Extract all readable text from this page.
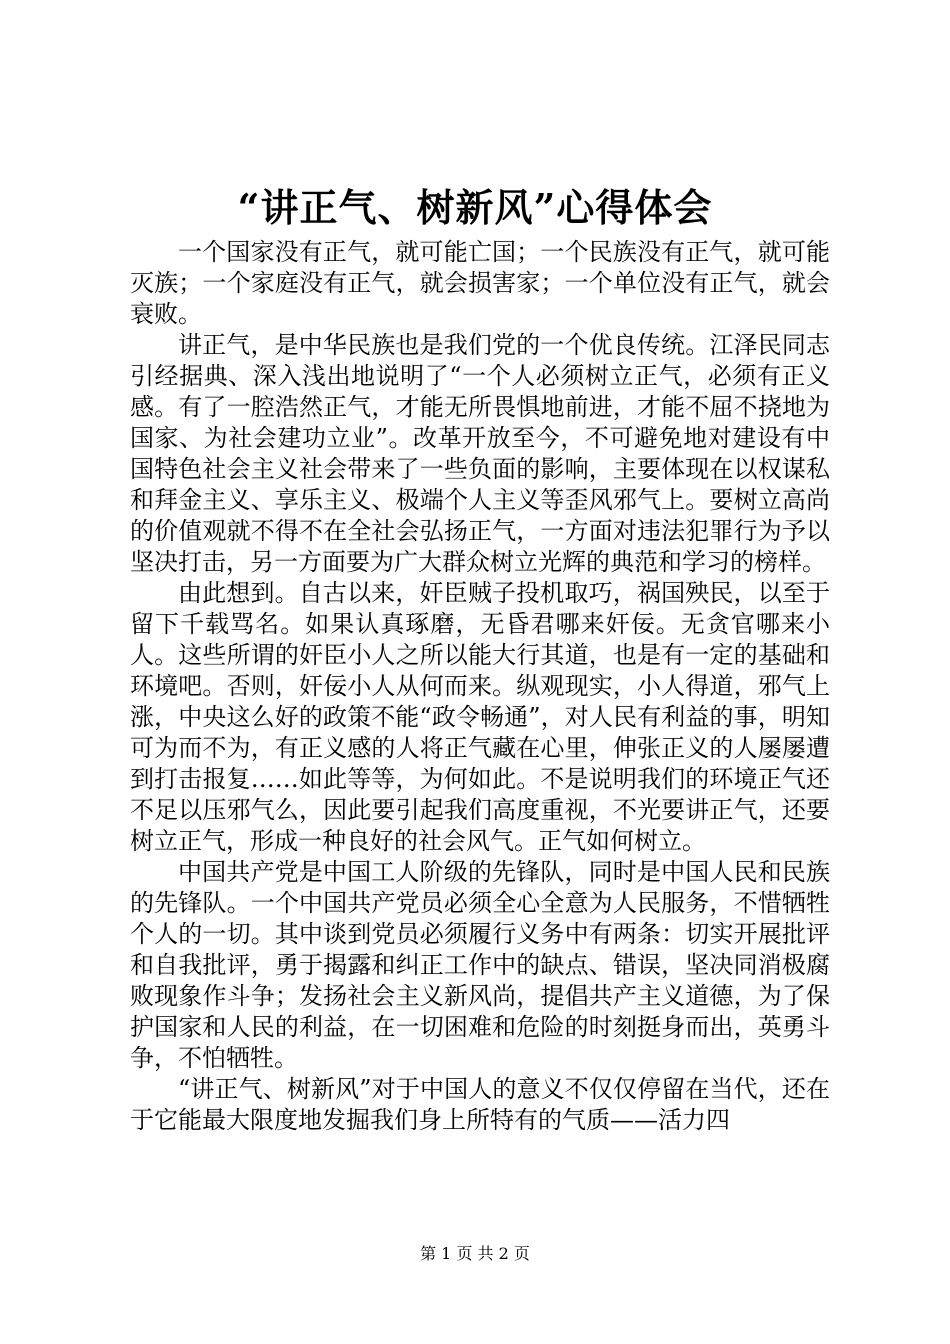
“讲正气、树新风”心得体会

一个国家没有正气，就可能亡国；一个民族没有正气，就可能灭族；一个家庭没有正气，就会损害家；一个单位没有正气，就会衰败。

讲正气，是中华民族也是我们党的一个优良传统。江泽民同志引经据典、深入浅出地说明了“一个人必须树立正气，必须有正义感。有了一腔浩然正气，才能无所畏惧地前进，才能不屈不挠地为国家、为社会建功立业”。改革开放至今，不可避免地对建设有中国特色社会主义社会带来了一些负面的影响，主要体现在以权谋私和拜金主义、享乐主义、极端个人主义等歪风邪气上。要树立高尚的价值观就不得不在全社会弘扬正气，一方面对违法犯罪行为予以坚决打击，另一方面要为广大群众树立光辉的典范和学习的榜样。

由此想到。自古以来，奸臣贼子投机取巧，祸国殃民，以至于留下千载骂名。如果认真琢磨，无昏君哪来奸佞。无贪官哪来小人。这些所谓的奸臣小人之所以能大行其道，也是有一定的基础和环境吧。否则，奸佞小人从何而来。纵观现实，小人得道，邪气上涨，中央这么好的政策不能“政令畅通”，对人民有利益的事，明知可为而不为，有正义感的人将正气藏在心里，伸张正义的人屡屡遭到打击报复……如此等等，为何如此。不是说明我们的环境正气还不足以压邪气么，因此要引起我们高度重视，不光要讲正气，还要树立正气，形成一种良好的社会风气。正气如何树立。

中国共产党是中国工人阶级的先锋队，同时是中国人民和民族的先锋队。一个中国共产党员必须全心全意为人民服务，不惜牺牲个人的一切。其中谈到党员必须履行义务中有两条：切实开展批评和自我批评，勇于揭露和纠正工作中的缺点、错误，坚决同消极腐败现象作斗争；发扬社会主义新风尚，提倡共产主义道德，为了保护国家和人民的利益，在一切困难和危险的时刻挺身而出，英勇斗争，不怕牺牲。

“讲正气、树新风”对于中国人的意义不仅仅停留在当代，还在于它能最大限度地发掘我们身上所特有的气质——活力四

第 1 页 共 2 页
